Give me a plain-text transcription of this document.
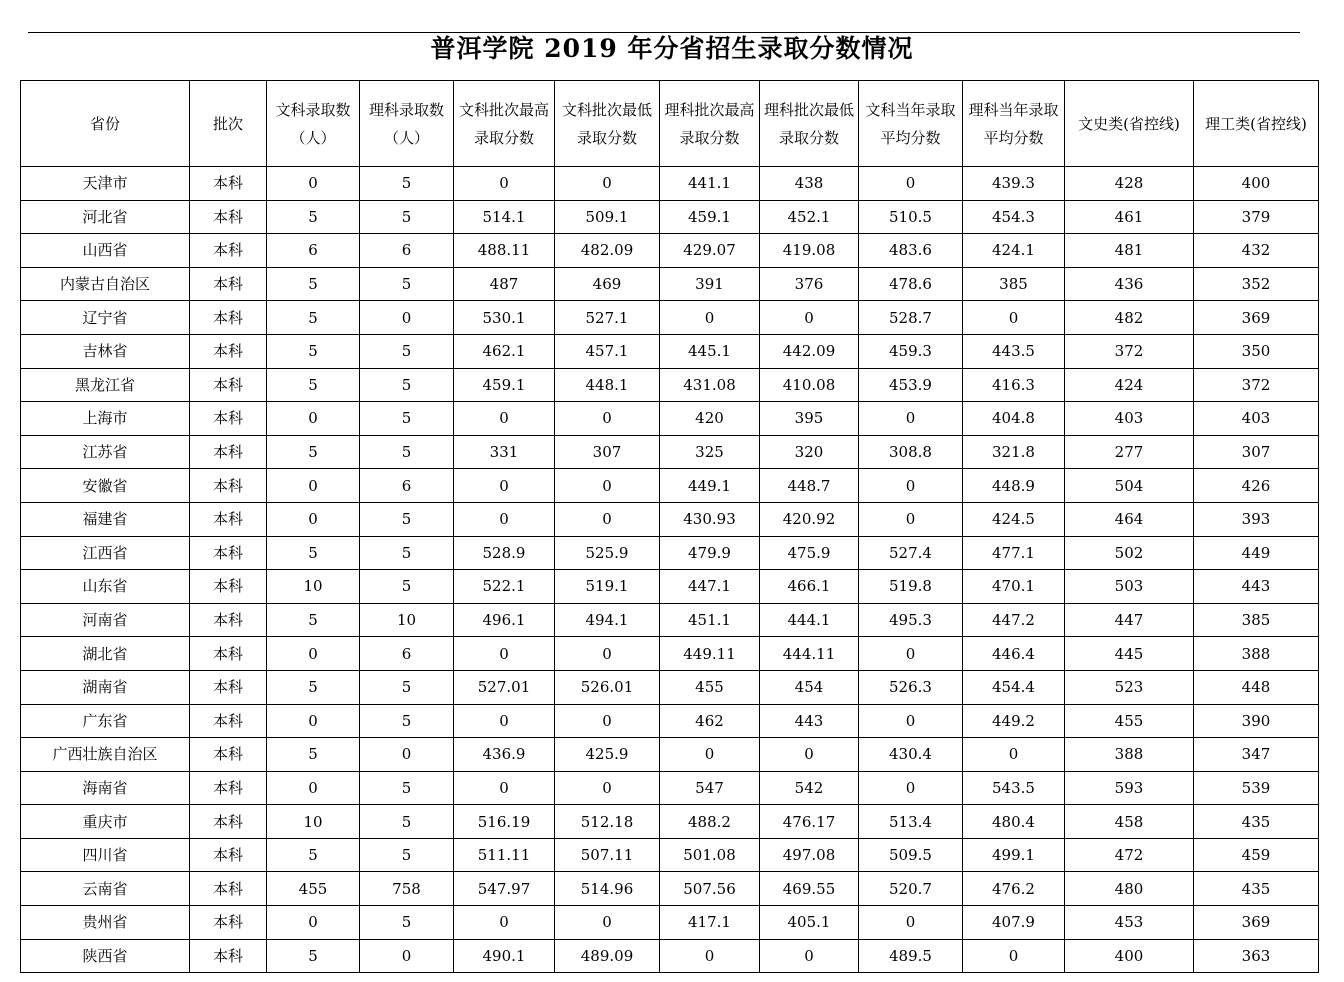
普洱学院 2019 年分省招生录取分数情况
省份	批次	文科录取数（人）	理科录取数（人）	文科批次最高录取分数	文科批次最低录取分数	理科批次最高录取分数	理科批次最低录取分数	文科当年录取平均分数	理科当年录取平均分数	文史类(省控线)	理工类(省控线)
天津市	本科	0	5	0	0	441.1	438	0	439.3	428	400
河北省	本科	5	5	514.1	509.1	459.1	452.1	510.5	454.3	461	379
山西省	本科	6	6	488.11	482.09	429.07	419.08	483.6	424.1	481	432
内蒙古自治区	本科	5	5	487	469	391	376	478.6	385	436	352
辽宁省	本科	5	0	530.1	527.1	0	0	528.7	0	482	369
吉林省	本科	5	5	462.1	457.1	445.1	442.09	459.3	443.5	372	350
黑龙江省	本科	5	5	459.1	448.1	431.08	410.08	453.9	416.3	424	372
上海市	本科	0	5	0	0	420	395	0	404.8	403	403
江苏省	本科	5	5	331	307	325	320	308.8	321.8	277	307
安徽省	本科	0	6	0	0	449.1	448.7	0	448.9	504	426
福建省	本科	0	5	0	0	430.93	420.92	0	424.5	464	393
江西省	本科	5	5	528.9	525.9	479.9	475.9	527.4	477.1	502	449
山东省	本科	10	5	522.1	519.1	447.1	466.1	519.8	470.1	503	443
河南省	本科	5	10	496.1	494.1	451.1	444.1	495.3	447.2	447	385
湖北省	本科	0	6	0	0	449.11	444.11	0	446.4	445	388
湖南省	本科	5	5	527.01	526.01	455	454	526.3	454.4	523	448
广东省	本科	0	5	0	0	462	443	0	449.2	455	390
广西壮族自治区	本科	5	0	436.9	425.9	0	0	430.4	0	388	347
海南省	本科	0	5	0	0	547	542	0	543.5	593	539
重庆市	本科	10	5	516.19	512.18	488.2	476.17	513.4	480.4	458	435
四川省	本科	5	5	511.11	507.11	501.08	497.08	509.5	499.1	472	459
云南省	本科	455	758	547.97	514.96	507.56	469.55	520.7	476.2	480	435
贵州省	本科	0	5	0	0	417.1	405.1	0	407.9	453	369
陕西省	本科	5	0	490.1	489.09	0	0	489.5	0	400	363
